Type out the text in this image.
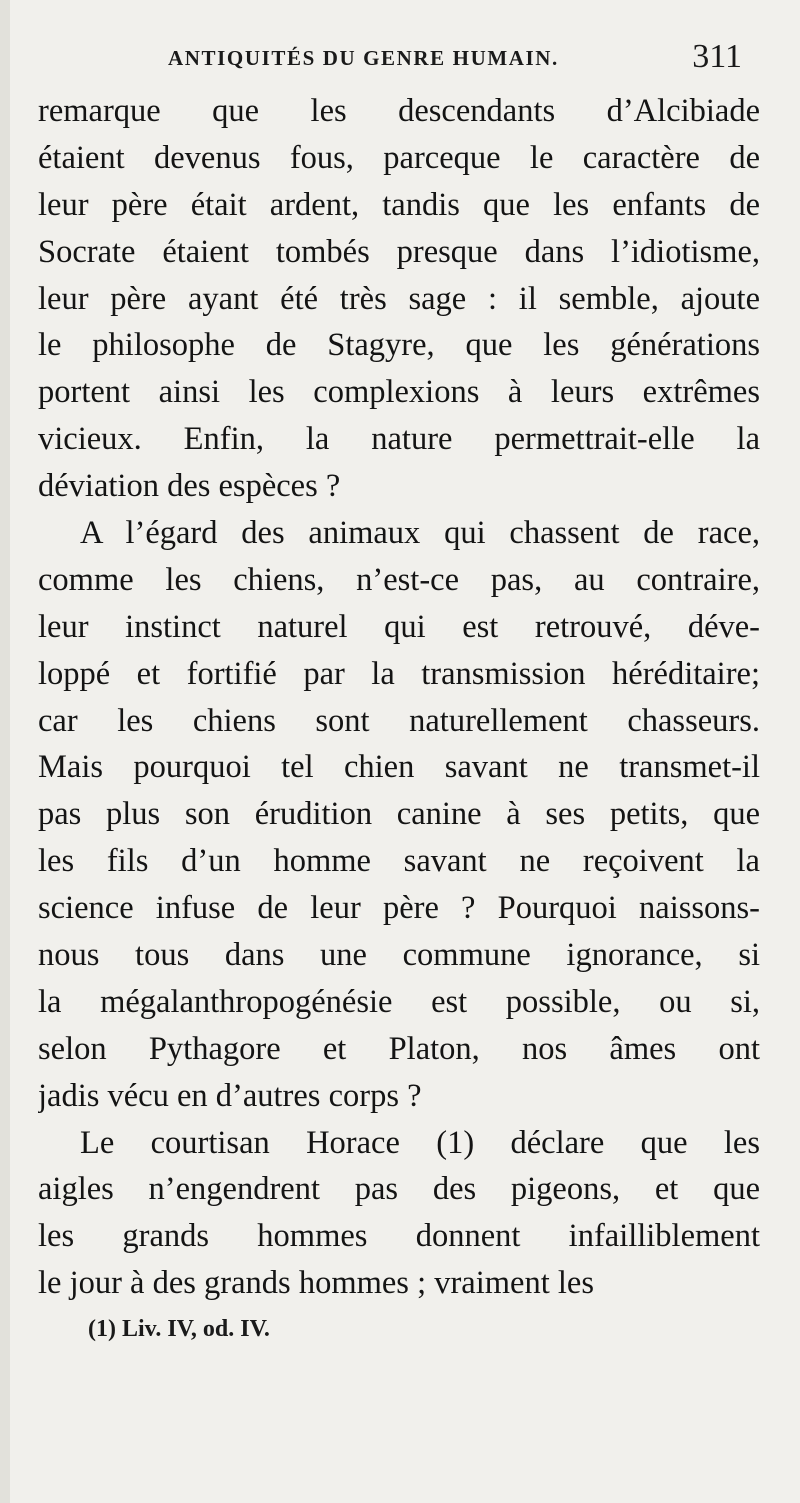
ANTIQUITÉS DU GENRE HUMAIN.	311
remarque que les descendants d’Alcibiade
étaient devenus fous, parceque le caractère de
leur père était ardent, tandis que les enfants de
Socrate étaient tombés presque dans l’idiotisme,
leur père ayant été très sage : il semble, ajoute
le philosophe de Stagyre, que les générations
portent ainsi les complexions à leurs extrêmes
vicieux. Enfin, la nature permettrait-elle la
déviation des espèces ?
A l’égard des animaux qui chassent de race,
comme les chiens, n’est-ce pas, au contraire,
leur instinct naturel qui est retrouvé, déve-
loppé et fortifié par la transmission héréditaire;
car les chiens sont naturellement chasseurs.
Mais pourquoi tel chien savant ne transmet-il
pas plus son érudition canine à ses petits, que
les fils d’un homme savant ne reçoivent la
science infuse de leur père ? Pourquoi naissons-
nous tous dans une commune ignorance, si
la mégalanthropogénésie est possible, ou si,
selon Pythagore et Platon, nos âmes ont
jadis vécu en d’autres corps ?
Le courtisan Horace (1) déclare que les
aigles n’engendrent pas des pigeons, et que
les grands hommes donnent infailliblement
le jour à des grands hommes ; vraiment les
(1) Liv. IV, od. IV.
